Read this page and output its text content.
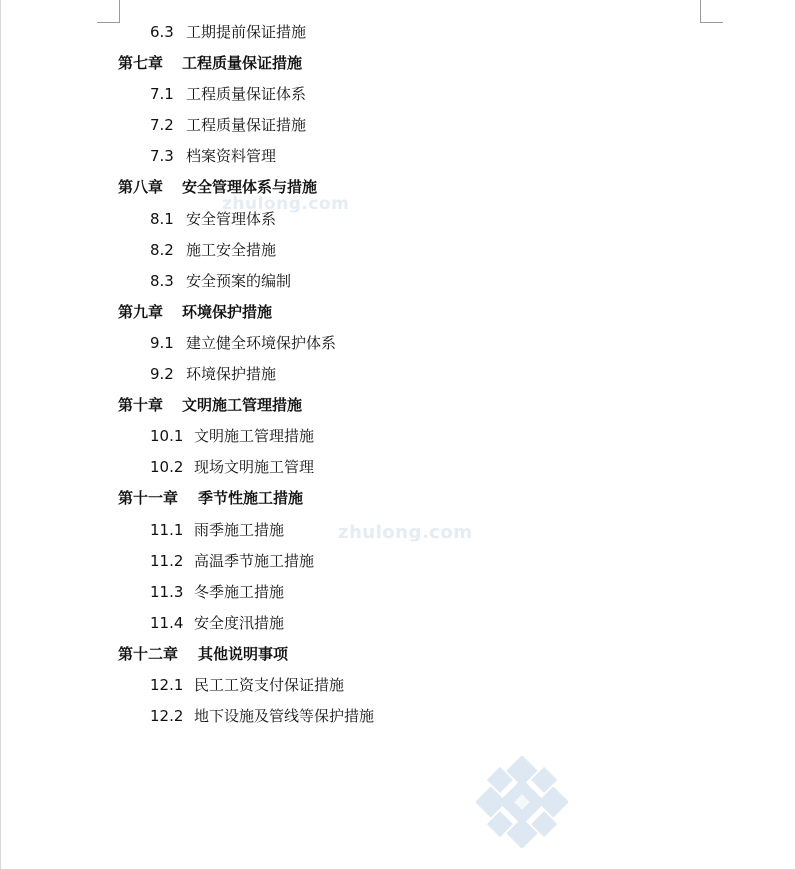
zhulong.com
zhulong.com
6.3 工期提前保证措施
第七章 工程质量保证措施
7.1 工程质量保证体系
7.2 工程质量保证措施
7.3 档案资料管理
第八章 安全管理体系与措施
8.1 安全管理体系
8.2 施工安全措施
8.3 安全预案的编制
第九章 环境保护措施
9.1 建立健全环境保护体系
9.2 环境保护措施
第十章 文明施工管理措施
10.1 文明施工管理措施
10.2 现场文明施工管理
第十一章 季节性施工措施
11.1 雨季施工措施
11.2 高温季节施工措施
11.3 冬季施工措施
11.4 安全度汛措施
第十二章 其他说明事项
12.1 民工工资支付保证措施
12.2 地下设施及管线等保护措施
